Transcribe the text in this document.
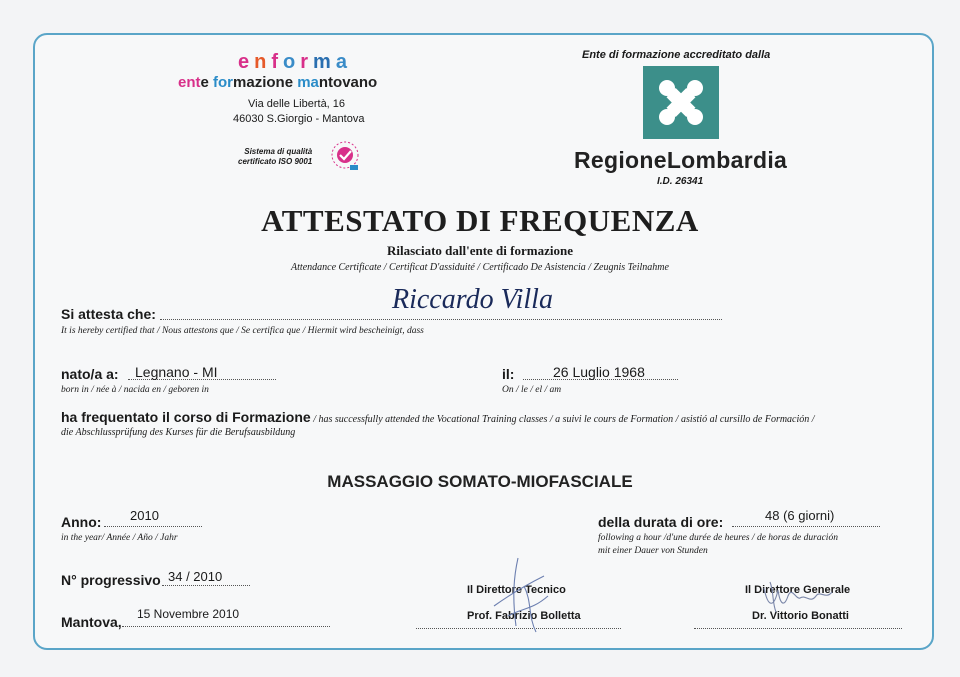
enforma
ente formazione mantovano
Via delle Libertà, 16
46030 S.Giorgio - Mantova
Sistema di qualità
certificato ISO 9001
Ente di formazione accreditato dalla
RegioneLombardia
I.D. 26341
ATTESTATO DI FREQUENZA
Rilasciato dall'ente di formazione
Attendance Certificate / Certificat D'assiduité / Certificado De Asistencia / Zeugnis Teilnahme
Si attesta che:	Riccardo Villa
It is hereby certified that / Nous attestons que / Se certifica que / Hiermit wird bescheinigt, dass
nato/a a: Legnano - MI
born in / née à / nacida en / geboren in
il:	26 Luglio 1968
On / le / el / am
ha frequentato il corso di Formazione / has successfully attended the Vocational Training classes / a suivi le cours de Formation / asistió al cursillo de Formación /
die Abschlussprüfung des Kurses für die Berufsausbildung
MASSAGGIO SOMATO-MIOFASCIALE
Anno: 2010
in the year/ Année / Año / Jahr
della durata di ore:	48 (6 giorni)
following a hour /d'une durée de heures / de horas de duración
mit einer Dauer von Stunden
N° progressivo 34 / 2010
Mantova, 15 Novembre 2010
Il Direttore Tecnico
Prof. Fabrizio Bolletta
Il Direttore Generale
Dr. Vittorio Bonatti
